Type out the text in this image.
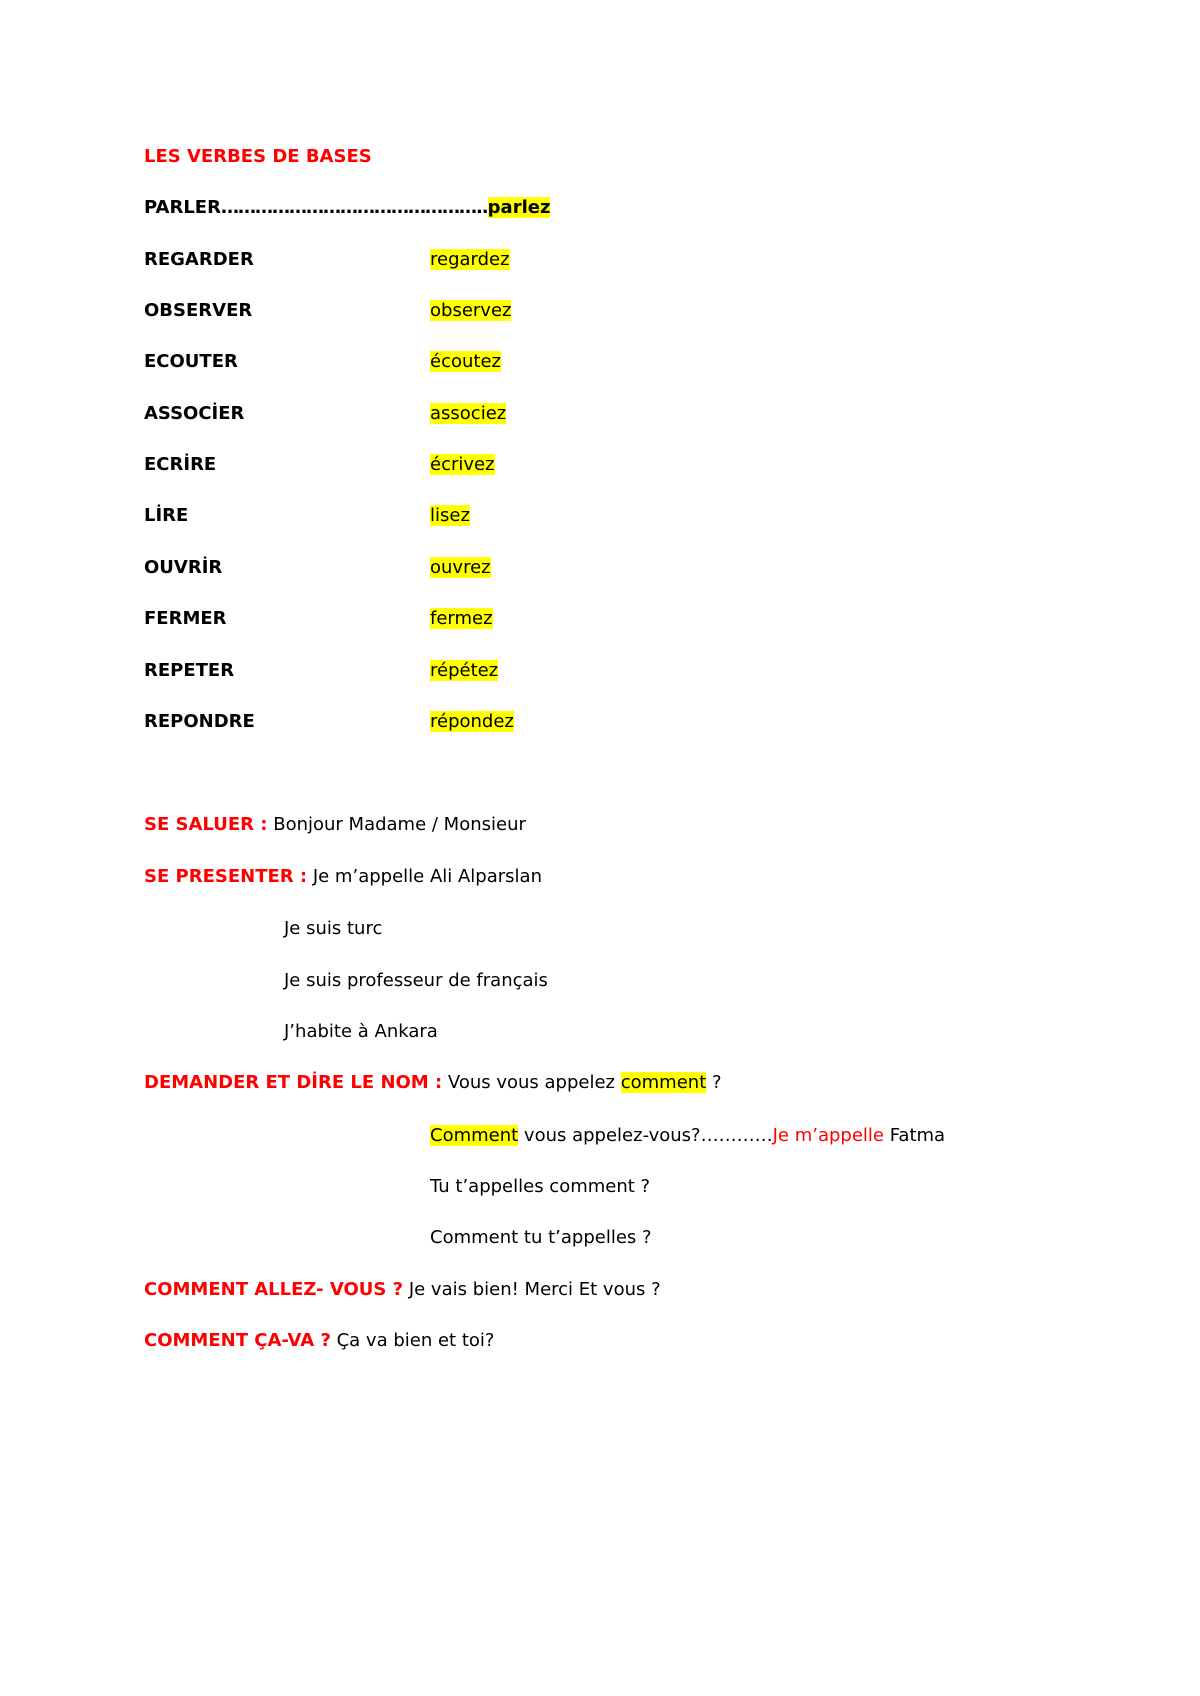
LES VERBES DE BASES
PARLER………………………………………..parlez
REGARDER	regardez
OBSERVER	observez
ECOUTER	écoutez
ASSOCİER	associez
ECRİRE	écrivez
LİRE	lisez
OUVRİR	ouvrez
FERMER	fermez
REPETER	répétez
REPONDRE	répondez
SE SALUER : Bonjour Madame / Monsieur
SE PRESENTER : Je m’appelle Ali Alparslan
Je suis turc
Je suis professeur de français
J’habite à Ankara
DEMANDER ET DİRE LE NOM : Vous vous appelez comment ?
Comment vous appelez-vous?…………Je m’appelle Fatma
Tu t’appelles comment ?
Comment tu t’appelles ?
COMMENT ALLEZ- VOUS ? Je vais bien! Merci Et vous ?
COMMENT ÇA-VA ? Ça va bien et toi?
